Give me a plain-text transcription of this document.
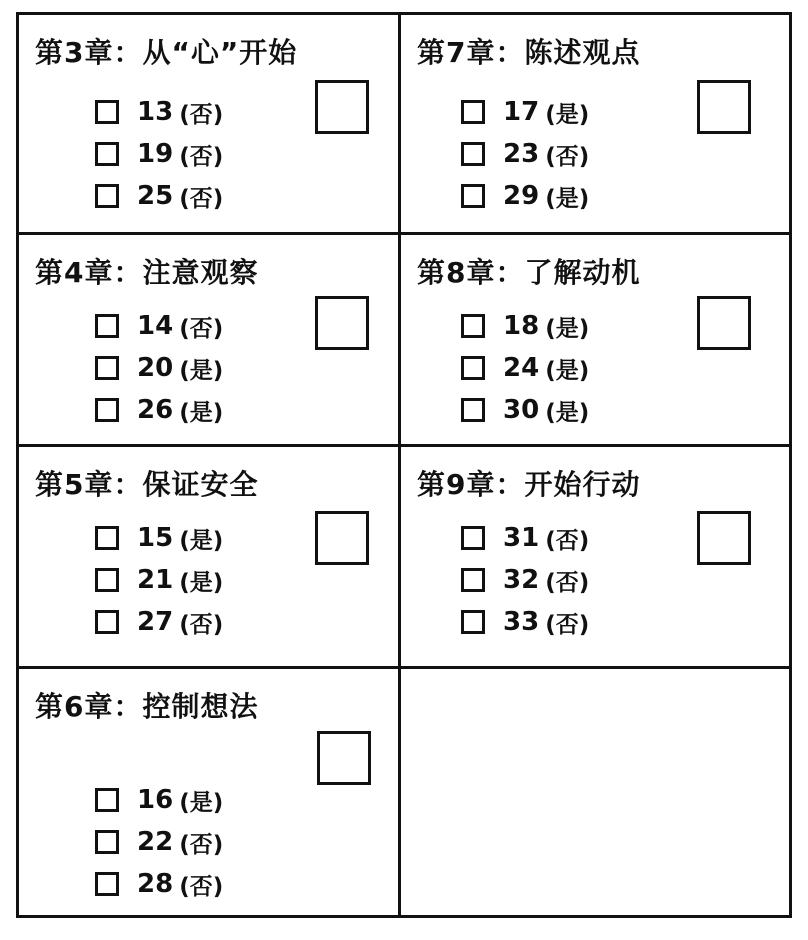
第3章：从“心”开始
13 (否)
19 (否)
25 (否)
第7章：陈述观点
17 (是)
23 (否)
29 (是)
第4章：注意观察
14 (否)
20 (是)
26 (是)
第8章：了解动机
18 (是)
24 (是)
30 (是)
第5章：保证安全
15 (是)
21 (是)
27 (否)
第9章：开始行动
31 (否)
32 (否)
33 (否)
第6章：控制想法
16 (是)
22 (否)
28 (否)
